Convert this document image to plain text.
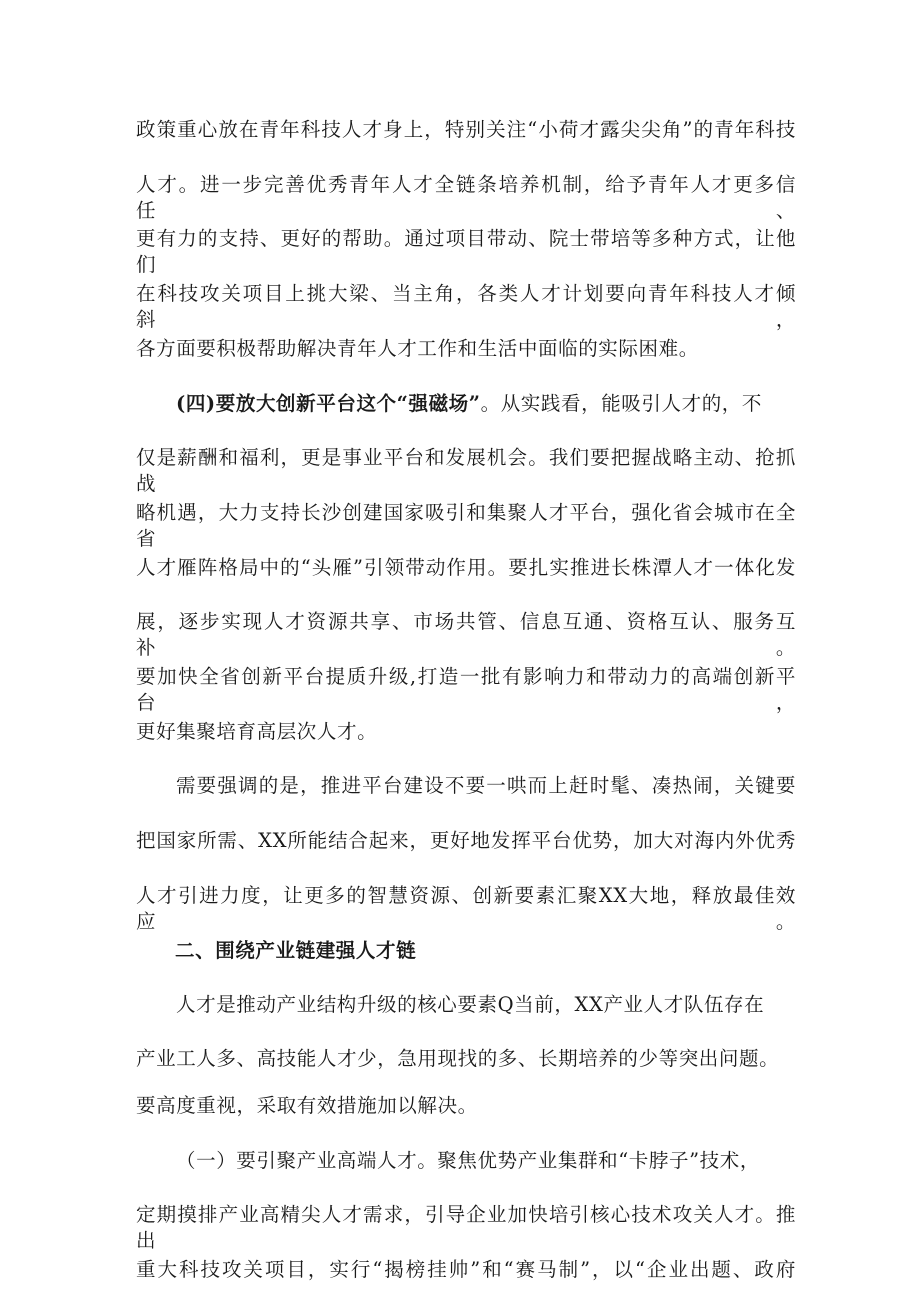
政策重心放在青年科技人才身上，特别关注“小荷才露尖尖角”的青年科技
人才。进一步完善优秀青年人才全链条培养机制，给予青年人才更多信任、
更有力的支持、更好的帮助。通过项目带动、院士带培等多种方式，让他们
在科技攻关项目上挑大梁、当主角，各类人才计划要向青年科技人才倾斜，
各方面要积极帮助解决青年人才工作和生活中面临的实际困难。
(四)要放大创新平台这个“强磁场”。从实践看，能吸引人才的，不
仅是薪酬和福利，更是事业平台和发展机会。我们要把握战略主动、抢抓战
略机遇，大力支持长沙创建国家吸引和集聚人才平台，强化省会城市在全省
人才雁阵格局中的“头雁”引领带动作用。要扎实推进长株潭人才一体化发
展，逐步实现人才资源共享、市场共管、信息互通、资格互认、服务互补。
要加快全省创新平台提质升级,打造一批有影响力和带动力的高端创新平台，
更好集聚培育高层次人才。
需要强调的是，推进平台建设不要一哄而上赶时髦、凑热闹，关键要
把国家所需、XX所能结合起来，更好地发挥平台优势，加大对海内外优秀
人才引进力度，让更多的智慧资源、创新要素汇聚XX大地，释放最佳效应。
二、围绕产业链建强人才链
人才是推动产业结构升级的核心要素Q当前，XX产业人才队伍存在
产业工人多、高技能人才少，急用现找的多、长期培养的少等突出问题。
要高度重视，采取有效措施加以解决。
（一）要引聚产业高端人才。聚焦优势产业集群和“卡脖子”技术，
定期摸排产业高精尖人才需求，引导企业加快培引核心技术攻关人才。推出
重大科技攻关项目，实行“揭榜挂帅”和“赛马制”，以“企业出题、政府
